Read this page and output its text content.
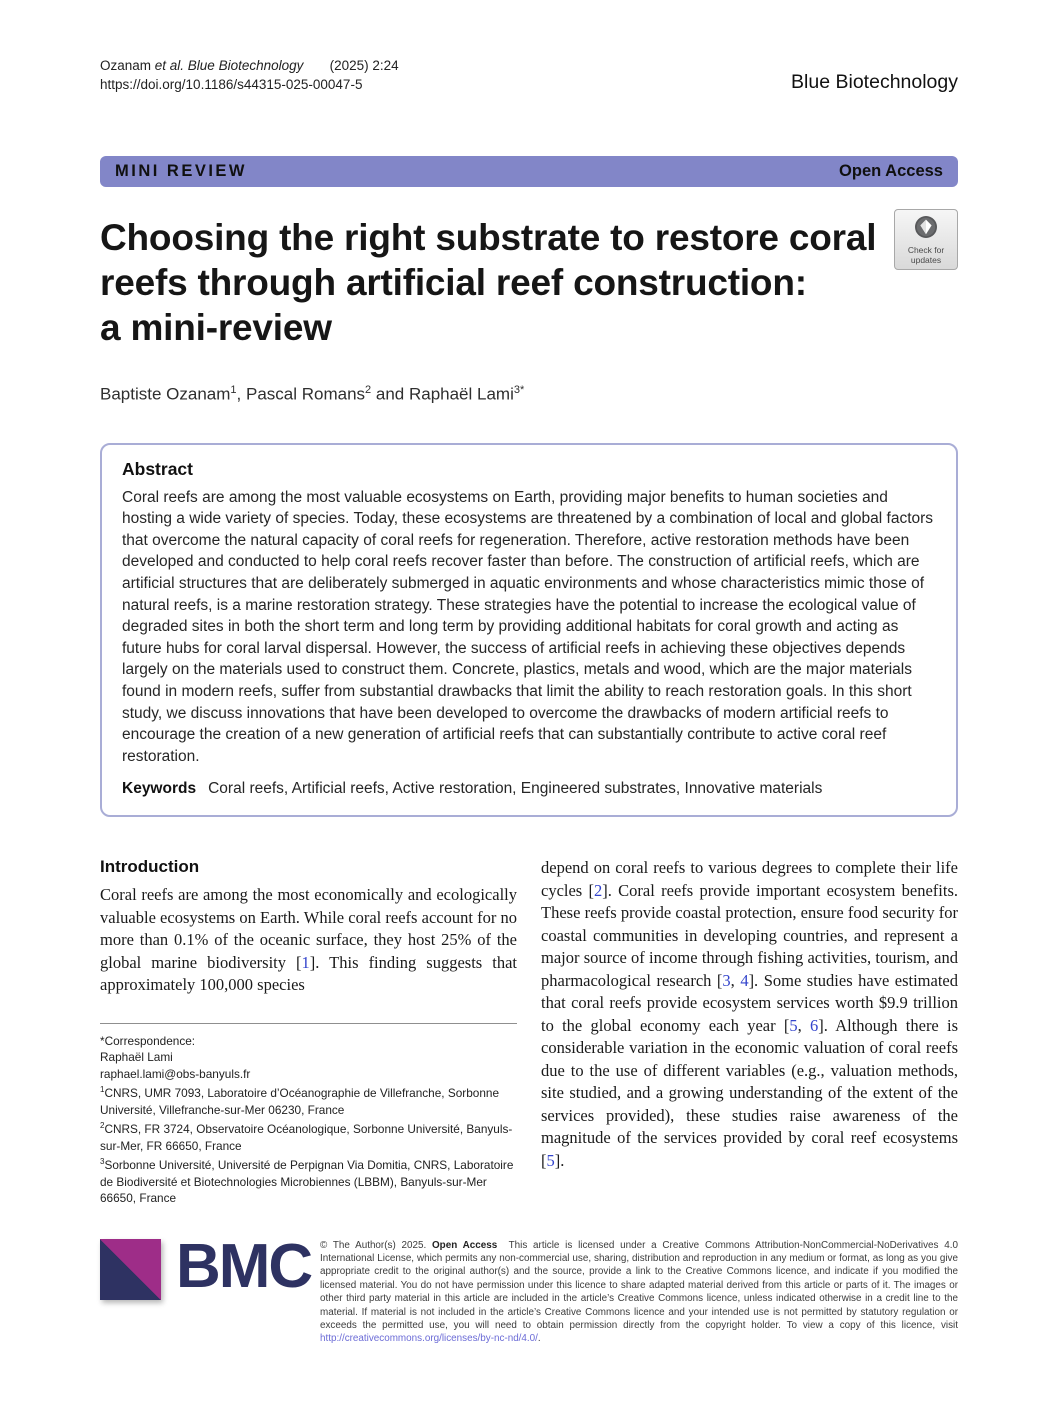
Ozanam et al. Blue Biotechnology       (2025) 2:24
https://doi.org/10.1186/s44315-025-00047-5	Blue Biotechnology
MINI REVIEW	Open Access
Check for
updates
Choosing the right substrate to restore coral
reefs through artificial reef construction:
a mini-review
Baptiste Ozanam$^1$, Pascal Romans$^2$ and Raphaël Lami$^{3*}$
Abstract

Coral reefs are among the most valuable ecosystems on Earth, providing major benefits to human societies and hosting a wide variety of species. Today, these ecosystems are threatened by a combination of local and global factors that overcome the natural capacity of coral reefs for regeneration. Therefore, active restoration methods have been developed and conducted to help coral reefs recover faster than before. The construction of artificial reefs, which are artificial structures that are deliberately submerged in aquatic environments and whose characteristics mimic those of natural reefs, is a marine restoration strategy. These strategies have the potential to increase the ecological value of degraded sites in both the short term and long term by providing additional habitats for coral growth and acting as future hubs for coral larval dispersal. However, the success of artificial reefs in achieving these objectives depends largely on the materials used to construct them. Concrete, plastics, metals and wood, which are the major materials found in modern reefs, suffer from substantial drawbacks that limit the ability to reach restoration goals. In this short study, we discuss innovations that have been developed to overcome the drawbacks of modern artificial reefs to encourage the creation of a new generation of artificial reefs that can substantially contribute to active coral reef restoration.

Keywords Coral reefs, Artificial reefs, Active restoration, Engineered substrates, Innovative materials
Introduction

Coral reefs are among the most economically and ecologically valuable ecosystems on Earth. While coral reefs account for no more than 0.1% of the oceanic surface, they host 25% of the global marine biodiversity [1]. This finding suggests that approximately 100,000 species

*Correspondence:
Raphaël Lami
raphael.lami@obs-banyuls.fr
$^1$CNRS, UMR 7093, Laboratoire d’Océanographie de Villefranche, Sorbonne Université, Villefranche-sur-Mer 06230, France
$^2$CNRS, FR 3724, Observatoire Océanologique, Sorbonne Université, Banyuls-sur-Mer, FR 66650, France
$^3$Sorbonne Université, Université de Perpignan Via Domitia, CNRS, Laboratoire de Biodiversité et Biotechnologies Microbiennes (LBBM), Banyuls-sur-Mer 66650, France

depend on coral reefs to various degrees to complete their life cycles [2]. Coral reefs provide important ecosystem benefits. These reefs provide coastal protection, ensure food security for coastal communities in developing countries, and represent a major source of income through fishing activities, tourism, and pharmacological research [3, 4]. Some studies have estimated that coral reefs provide ecosystem services worth $9.9 trillion to the global economy each year [5, 6]. Although there is considerable variation in the economic valuation of coral reefs due to the use of different variables (e.g., valuation methods, site studied, and a growing understanding of the extent of the services provided), these studies raise awareness of the magnitude of the services provided by coral reef ecosystems [5].

BMC © The Author(s) 2025. Open Access  This article is licensed under a Creative Commons Attribution-NonCommercial-NoDerivatives 4.0 International License, which permits any non-commercial use, sharing, distribution and reproduction in any medium or format, as long as you give appropriate credit to the original author(s) and the source, provide a link to the Creative Commons licence, and indicate if you modified the licensed material. You do not have permission under this licence to share adapted material derived from this article or parts of it. The images or other third party material in this article are included in the article’s Creative Commons licence, unless indicated otherwise in a credit line to the material. If material is not included in the article’s Creative Commons licence and your intended use is not permitted by statutory regulation or exceeds the permitted use, you will need to obtain permission directly from the copyright holder. To view a copy of this licence, visit http://creativecommons.org/licenses/by-nc-nd/4.0/.
